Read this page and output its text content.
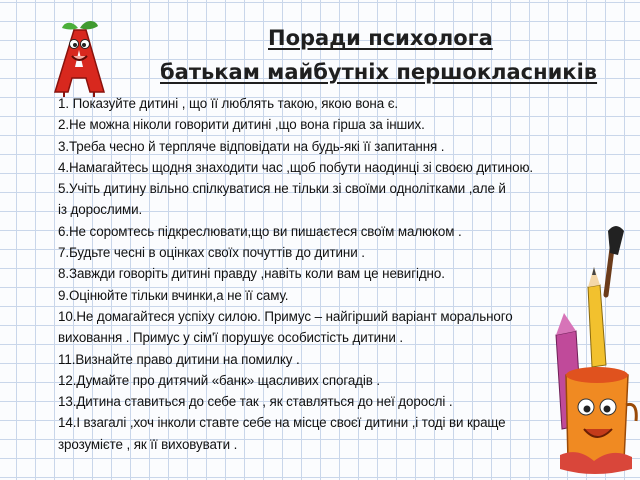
Поради психолога
батькам майбутніх першокласників
1. Показуйте дитині , що її люблять такою, якою вона є.
2.Не можна ніколи говорити дитині ,що вона гірша за інших.
3.Треба чесно й терпляче відповідати на будь-які її запитання .
4.Намагайтесь щодня знаходити час ,щоб побути наодинці зі своєю дитиною.
5.Учіть дитину вільно спілкуватися не тільки зі своїми однолітками ,але й
із дорослими.
6.Не соромтесь підкреслювати,що ви пишаєтеся своїм малюком .
7.Будьте чесні в оцінках своїх почуттів до дитини .
8.Завжди говоріть дитині правду ,навіть коли вам це невигідно.
9.Оцінюйте тільки вчинки,а не її саму.
10.Не домагайтеся успіху силою. Примус – найгірший варіант морального
виховання . Примус у сім'ї порушує особистість дитини .
11.Визнайте право дитини на помилку .
12.Думайте про дитячий «банк» щасливих спогадів .
13.Дитина ставиться до себе так , як ставляться до неї дорослі .
14.І взагалі ,хоч інколи ставте себе на місце своєї дитини ,і тоді ви краще
зрозумієте , як її виховувати .
